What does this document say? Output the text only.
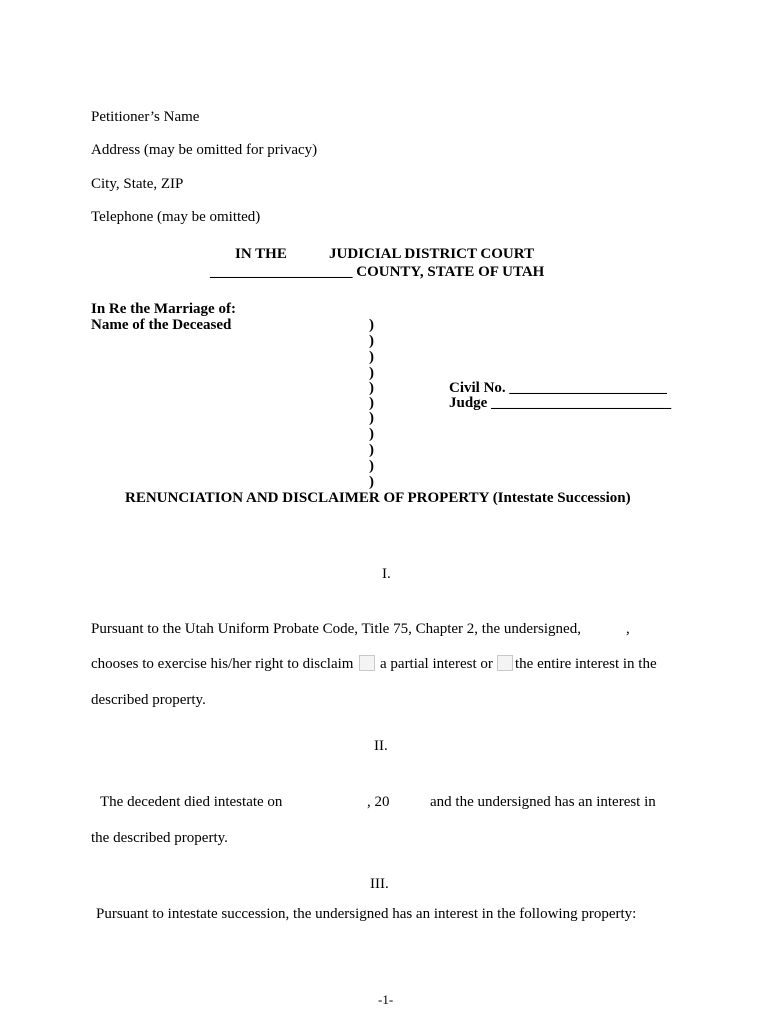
Petitioner’s Name
Address (may be omitted for privacy)
City, State, ZIP
Telephone (may be omitted)
IN THE	JUDICIAL DISTRICT COURT
___________________ COUNTY, STATE OF UTAH
In Re the Marriage of:
Name of the Deceased	)
)
)
)
)
)
)
)
)
)
)
Civil No. _____________________
Judge ________________________
RENUNCIATION AND DISCLAIMER OF PROPERTY (Intestate Succession)
I.
Pursuant to the Utah Uniform Probate Code, Title 75, Chapter 2, the undersigned,	,
chooses to exercise his/her right to disclaim a partial interest or the entire interest in the
described property.
II.
The decedent died intestate on	, 20	and the undersigned has an interest in
the described property.
III.
Pursuant to intestate succession, the undersigned has an interest in the following property:
-1-
